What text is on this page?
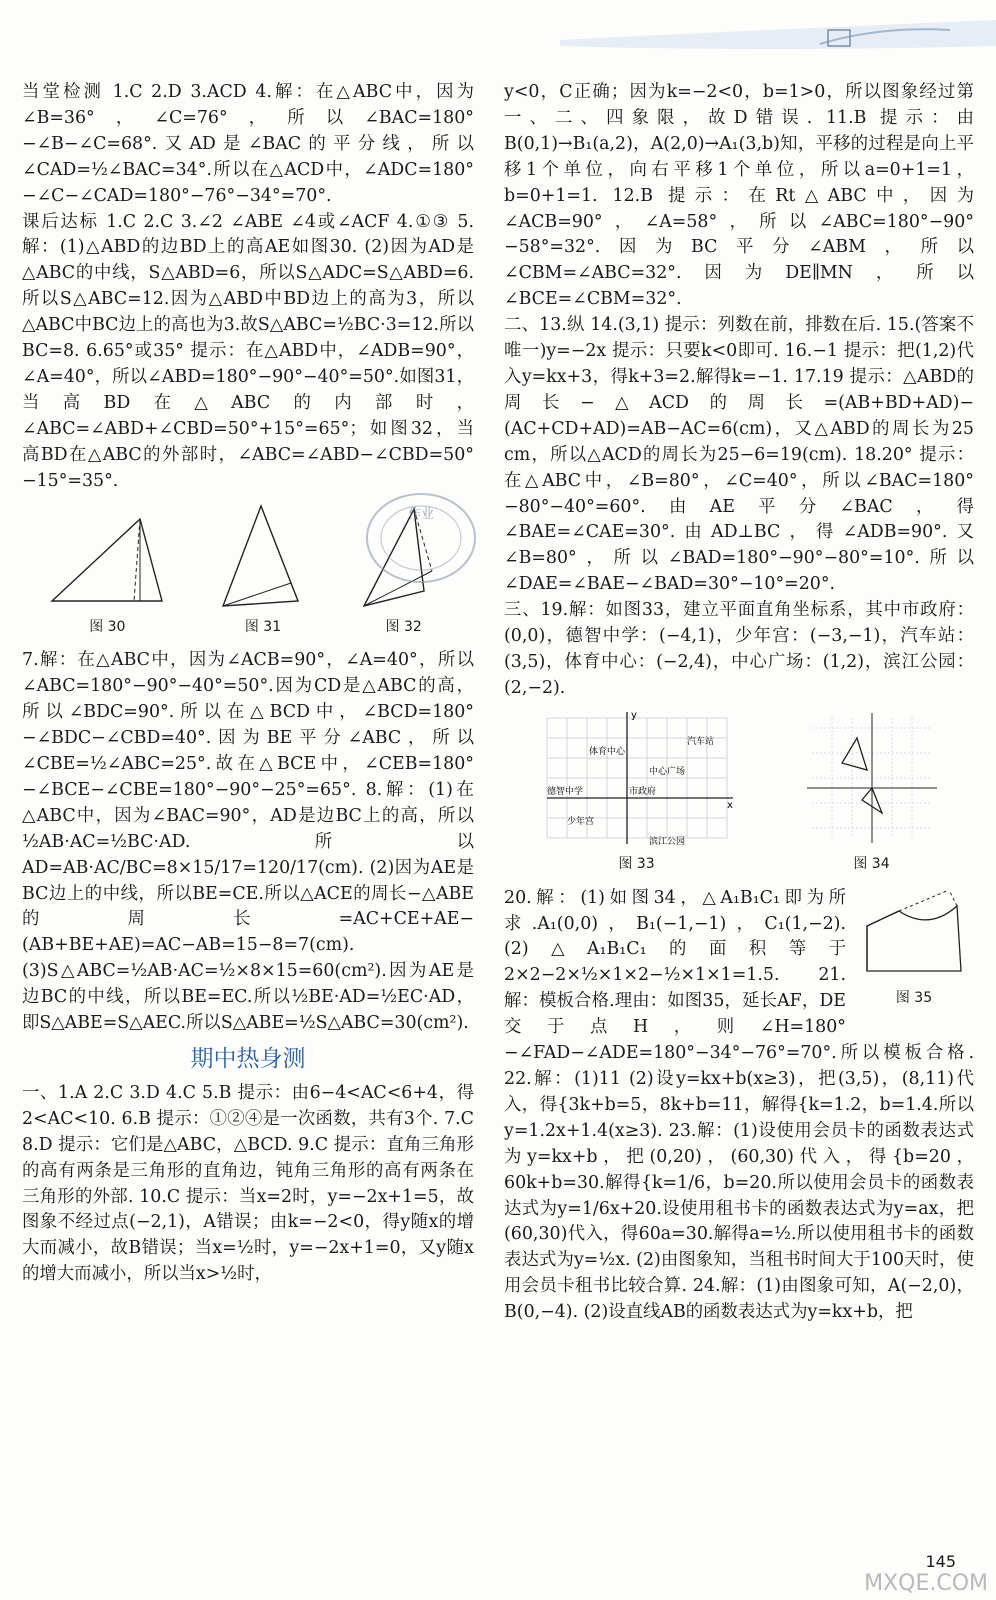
当堂检测 1.C 2.D 3.ACD 4.解：在△ABC中，因为∠B=36°，∠C=76°，所以∠BAC=180°−∠B−∠C=68°.又AD是∠BAC的平分线，所以∠CAD=½∠BAC=34°.所以在△ACD中，∠ADC=180°−∠C−∠CAD=180°−76°−34°=70°.

课后达标 1.C 2.C 3.∠2 ∠ABE ∠4或∠ACF 4.①③ 5.解：(1)△ABD的边BD上的高AE如图30. (2)因为AD是△ABC的中线，S△ABD=6，所以S△ADC=S△ABD=6.所以S△ABC=12.因为△ABD中BD边上的高为3，所以△ABC中BC边上的高也为3.故S△ABC=½BC·3=12.所以BC=8. 6.65°或35° 提示：在△ABD中，∠ADB=90°，∠A=40°，所以∠ABD=180°−90°−40°=50°.如图31，当高BD在△ABC的内部时，∠ABC=∠ABD+∠CBD=50°+15°=65°；如图32，当高BD在△ABC的外部时，∠ABC=∠ABD−∠CBD=50°−15°=35°.

图 30	图 31	图 32

7.解：在△ABC中，因为∠ACB=90°，∠A=40°，所以∠ABC=180°−90°−40°=50°.因为CD是△ABC的高，所以∠BDC=90°.所以在△BCD中，∠BCD=180°−∠BDC−∠CBD=40°.因为BE平分∠ABC，所以∠CBE=½∠ABC=25°.故在△BCE中，∠CEB=180°−∠BCE−∠CBE=180°−90°−25°=65°. 8.解：(1)在△ABC中，因为∠BAC=90°，AD是边BC上的高，所以½AB·AC=½BC·AD.所以AD=AB·AC/BC=8×15/17=120/17(cm). (2)因为AE是BC边上的中线，所以BE=CE.所以△ACE的周长−△ABE的周长=AC+CE+AE−(AB+BE+AE)=AC−AB=15−8=7(cm). (3)S△ABC=½AB·AC=½×8×15=60(cm²).因为AE是边BC的中线，所以BE=EC.所以½BE·AD=½EC·AD，即S△ABE=S△AEC.所以S△ABE=½S△ABC=30(cm²).

期中热身测

一、1.A 2.C 3.D 4.C 5.B 提示：由6−4<AC<6+4，得2<AC<10. 6.B 提示：①②④是一次函数，共有3个. 7.C 8.D 提示：它们是△ABC，△BCD. 9.C 提示：直角三角形的高有两条是三角形的直角边，钝角三角形的高有两条在三角形的外部. 10.C 提示：当x=2时，y=−2x+1=5，故图象不经过点(−2,1)，A错误；由k=−2<0，得y随x的增大而减小，故B错误；当x=½时，y=−2x+1=0，又y随x的增大而减小，所以当x>½时，

y<0，C正确；因为k=−2<0，b=1>0，所以图象经过第一、二、四象限，故D错误. 11.B 提示：由B(0,1)→B₁(a,2)，A(2,0)→A₁(3,b)知，平移的过程是向上平移1个单位，向右平移1个单位，所以a=0+1=1，b=0+1=1. 12.B 提示：在Rt△ABC中，因为∠ACB=90°，∠A=58°，所以∠ABC=180°−90°−58°=32°.因为BC平分∠ABM，所以∠CBM=∠ABC=32°.因为DE∥MN，所以∠BCE=∠CBM=32°.

二、13.纵 14.(3,1) 提示：列数在前，排数在后. 15.(答案不唯一)y=−2x 提示：只要k<0即可. 16.−1 提示：把(1,2)代入y=kx+3，得k+3=2.解得k=−1. 17.19 提示：△ABD的周长−△ACD的周长=(AB+BD+AD)−(AC+CD+AD)=AB−AC=6(cm)，又△ABD的周长为25 cm，所以△ACD的周长为25−6=19(cm). 18.20° 提示：在△ABC中，∠B=80°，∠C=40°，所以∠BAC=180°−80°−40°=60°.由AE平分∠BAC，得∠BAE=∠CAE=30°.由AD⊥BC，得∠ADB=90°.又∠B=80°，所以∠BAD=180°−90°−80°=10°.所以∠DAE=∠BAE−∠BAD=30°−10°=20°.

三、19.解：如图33，建立平面直角坐标系，其中市政府：(0,0)，德智中学：(−4,1)，少年宫：(−3,−1)，汽车站：(3,5)，体育中心：(−2,4)，中心广场：(1,2)，滨江公园：(2,−2).

y
x
汽车站
体育中心
中心广场
德智中学	市政府
少年宫
滨江公园
图 33	图 34
图 35

20.解：(1)如图34，△A₁B₁C₁即为所求.A₁(0,0)，B₁(−1,−1)，C₁(1,−2). (2)△A₁B₁C₁的面积等于2×2−2×½×1×2−½×1×1=1.5. 21.解：模板合格.理由：如图35，延长AF，DE交于点H，则∠H=180°−∠FAD−∠ADE=180°−34°−76°=70°.所以模板合格. 22.解：(1)11 (2)设y=kx+b(x≥3)，把(3,5)，(8,11)代入，得{3k+b=5，8k+b=11，解得{k=1.2，b=1.4.所以y=1.2x+1.4(x≥3). 23.解：(1)设使用会员卡的函数表达式为y=kx+b，把(0,20)，(60,30)代入，得{b=20，60k+b=30.解得{k=1/6，b=20.所以使用会员卡的函数表达式为y=1/6x+20.设使用租书卡的函数表达式为y=ax，把(60,30)代入，得60a=30.解得a=½.所以使用租书卡的函数表达式为y=½x. (2)由图象知，当租书时间大于100天时，使用会员卡租书比较合算. 24.解：(1)由图象可知，A(−2,0)，B(0,−4). (2)设直线AB的函数表达式为y=kx+b，把

作业
145
MXQE.COM
